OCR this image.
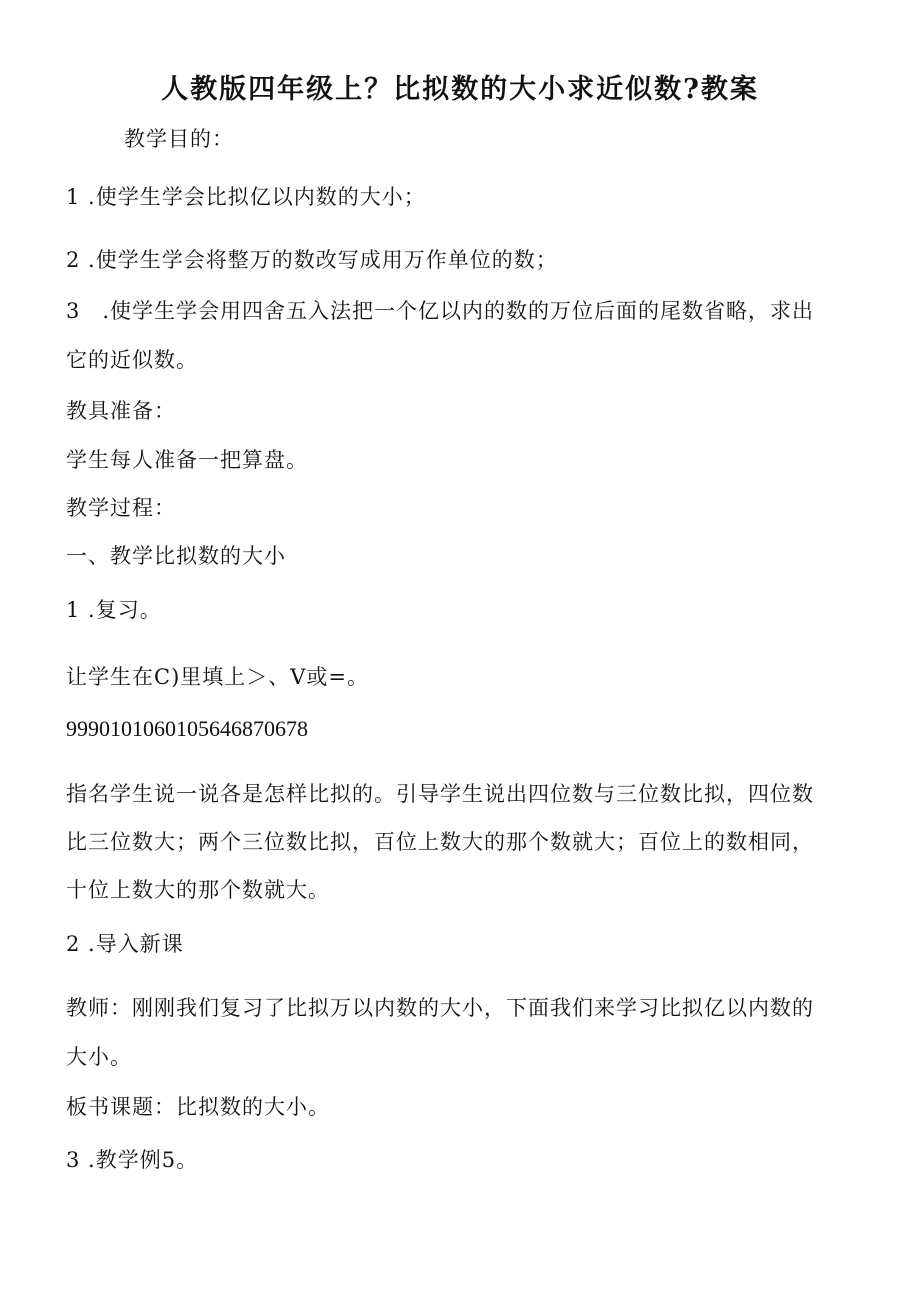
人教版四年级上？比拟数的大小求近似数?教案
教学目的：
1 .使学生学会比拟亿以内数的大小；
2 .使学生学会将整万的数改写成用万作单位的数；
3　.使学生学会用四舍五入法把一个亿以内的数的万位后面的尾数省略，求出
它的近似数。
教具准备：
学生每人准备一把算盘。
教学过程：
一、教学比拟数的大小
1 .复习。
让学生在C)里填上＞、V或=。
99901010601056468706​78
指名学生说一说各是怎样比拟的。引导学生说出四位数与三位数比拟，四位数
比三位数大；两个三位数比拟，百位上数大的那个数就大；百位上的数相同，
十位上数大的那个数就大。
2 .导入新课
教师：刚刚我们复习了比拟万以内数的大小，下面我们来学习比拟亿以内数的
大小。
板书课题：比拟数的大小。
3 .教学例5。
